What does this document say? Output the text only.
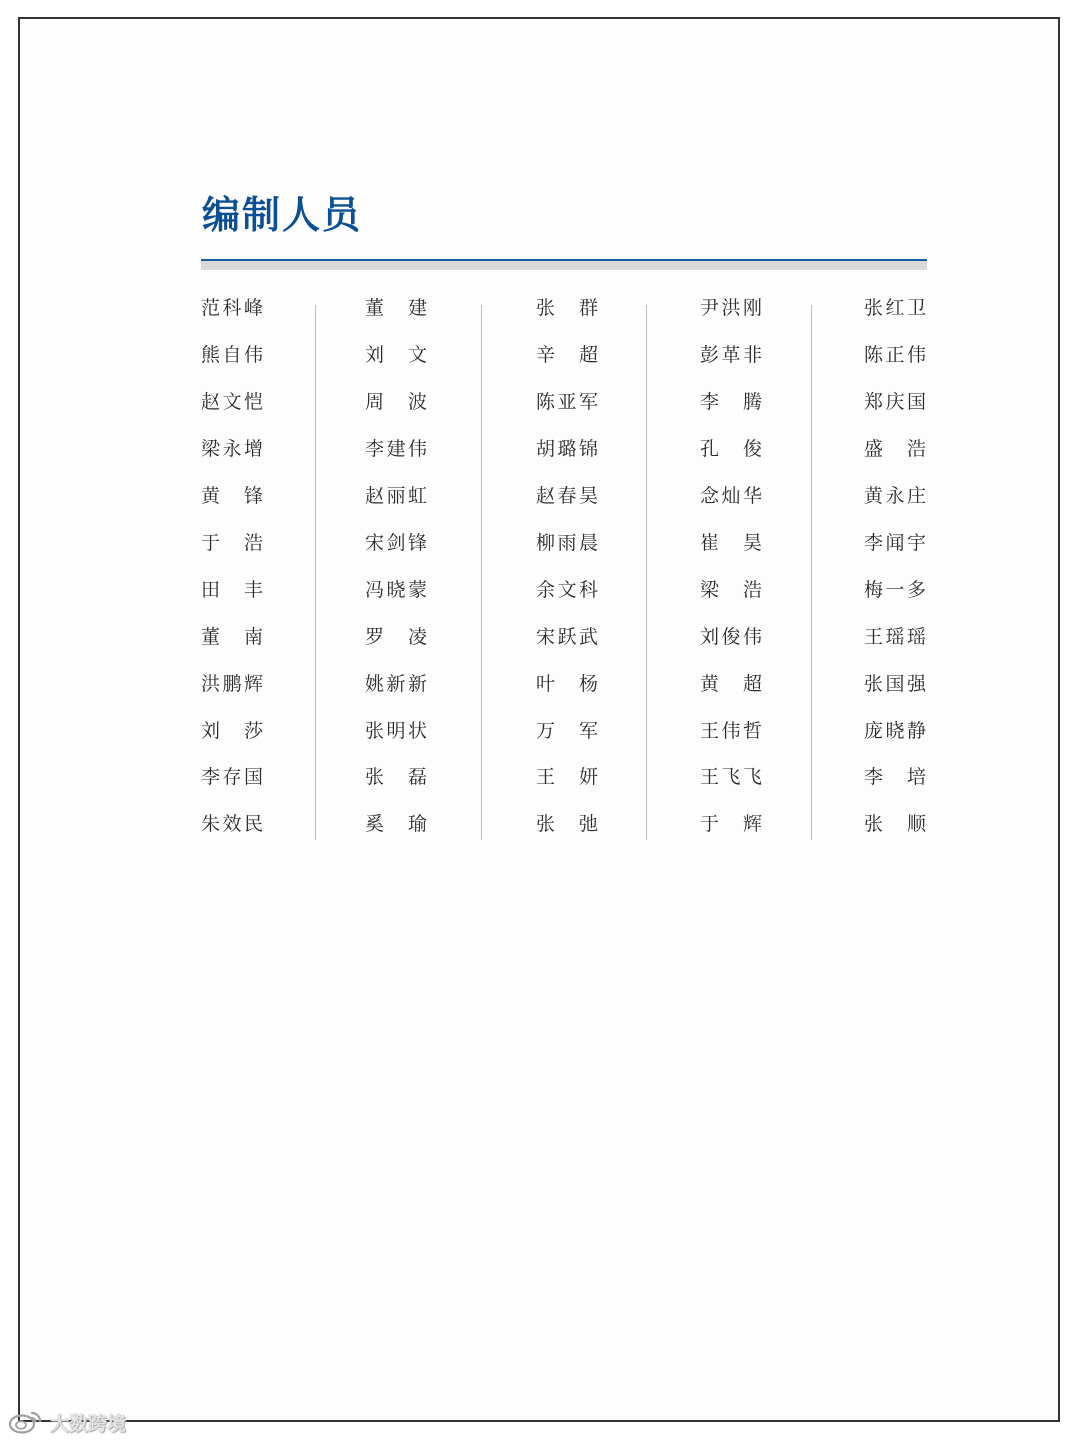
编制人员
范科峰
熊自伟
赵文恺
梁永增
黄　锋
于　浩
田　丰
董　南
洪鹏辉
刘　莎
李存国
朱效民
董　建
刘　文
周　波
李建伟
赵丽虹
宋剑锋
冯晓蒙
罗　凌
姚新新
张明状
张　磊
奚　瑜
张　群
辛　超
陈亚军
胡璐锦
赵春昊
柳雨晨
余文科
宋跃武
叶　杨
万　军
王　妍
张　弛
尹洪刚
彭革非
李　腾
孔　俊
念灿华
崔　昊
梁　浩
刘俊伟
黄　超
王伟哲
王飞飞
于　辉
张红卫
陈正伟
郑庆国
盛　浩
黄永庄
李闻宇
梅一多
王瑶瑶
张国强
庞晓静
李　培
张　顺
大数跨境
